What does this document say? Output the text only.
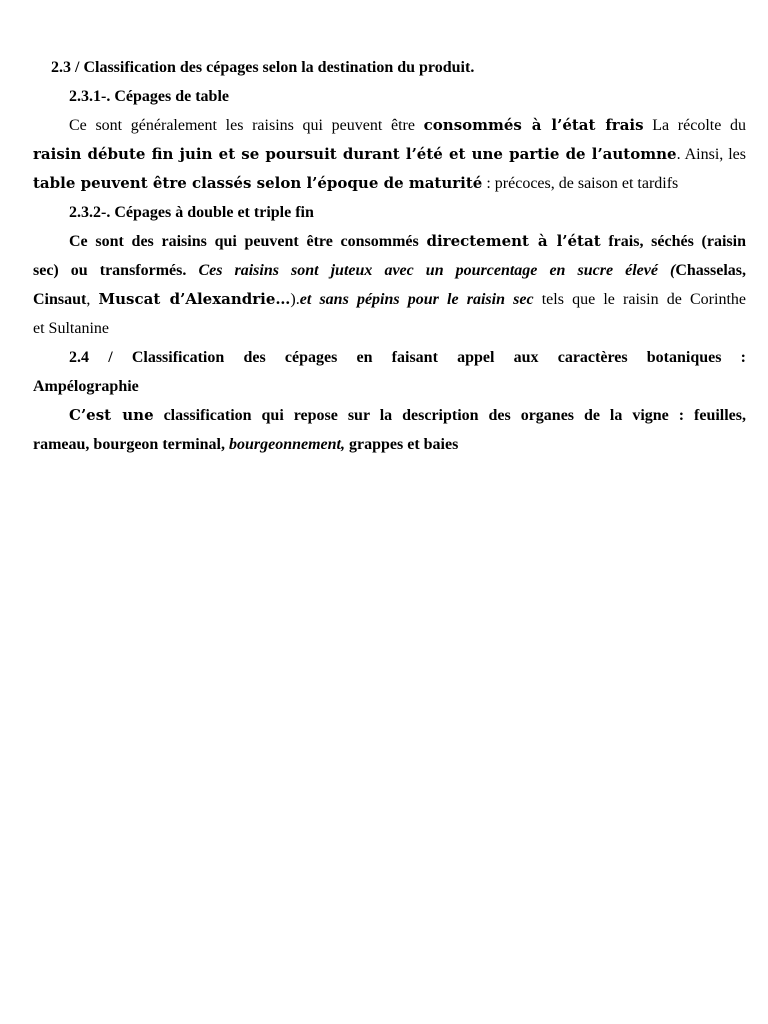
2.3 / Classification des cépages selon la destination du produit.
2.3.1-. Cépages de table
Ce sont généralement les raisins qui peuvent être consommés à l’état frais La récolte du
raisin débute fin juin et se poursuit durant l’été et une partie de l’automne. Ainsi, les
table peuvent être classés selon l’époque de maturité : précoces, de saison et tardifs
2.3.2-. Cépages à double et triple fin
Ce sont des raisins qui peuvent être consommés directement à l’état frais, séchés (raisin
sec) ou transformés. Ces raisins sont juteux avec un pourcentage en sucre élevé (Chasselas,
Cinsaut, Muscat d’Alexandrie…).et sans pépins pour le raisin sec tels que le raisin de Corinthe
et Sultanine
2.4 / Classification des cépages en faisant appel aux caractères botaniques :
Ampélographie
C’est une classification qui repose sur la description des organes de la vigne : feuilles,
rameau, bourgeon terminal, bourgeonnement, grappes et baies
